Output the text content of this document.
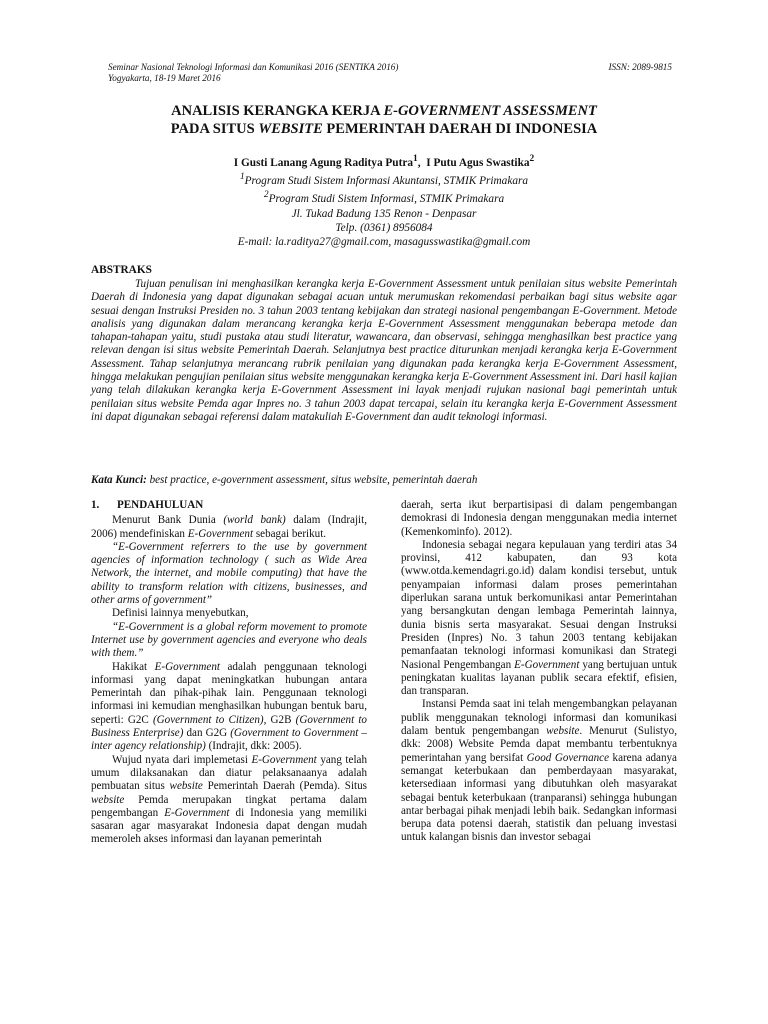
Seminar Nasional Teknologi Informasi dan Komunikasi 2016 (SENTIKA 2016)
Yogyakarta, 18-19 Maret 2016
ISSN: 2089-9815
ANALISIS KERANGKA KERJA E-GOVERNMENT ASSESSMENT
PADA SITUS WEBSITE PEMERINTAH DAERAH DI INDONESIA
I Gusti Lanang Agung Raditya Putra$^1$,  I Putu Agus Swastika$^2$
$^1$Program Studi Sistem Informasi Akuntansi, STMIK Primakara
$^2$Program Studi Sistem Informasi, STMIK Primakara
Jl. Tukad Badung 135 Renon - Denpasar
Telp. (0361) 8956084
E-mail: la.raditya27@gmail.com, masagusswastika@gmail.com
ABSTRAKS
Tujuan penulisan ini menghasilkan kerangka kerja E-Government Assessment untuk penilaian situs website Pemerintah Daerah di Indonesia yang dapat digunakan sebagai acuan untuk merumuskan rekomendasi perbaikan bagi situs website agar sesuai dengan Instruksi Presiden no. 3 tahun 2003 tentang kebijakan dan strategi nasional pengembangan E-Government. Metode analisis yang digunakan dalam merancang kerangka kerja E-Government Assessment menggunakan beberapa metode dan tahapan-tahapan yaitu, studi pustaka atau studi literatur, wawancara, dan observasi, sehingga menghasilkan best practice yang relevan dengan isi situs website Pemerintah Daerah. Selanjutnya best practice diturunkan menjadi kerangka kerja E-Government Assessment. Tahap selanjutnya merancang rubrik penilaian yang digunakan pada kerangka kerja E-Government Assessment, hingga melakukan pengujian penilaian situs website menggunakan kerangka kerja E-Government Assessment ini. Dari hasil kajian yang telah dilakukan kerangka kerja E-Government Assessment ini layak menjadi rujukan nasional bagi pemerintah untuk penilaian situs website Pemda agar Inpres no. 3 tahun 2003 dapat tercapai, selain itu kerangka kerja E-Government Assessment ini dapat digunakan sebagai referensi dalam matakuliah E-Government dan audit teknologi informasi.
Kata Kunci: best practice, e-government assessment, situs website, pemerintah daerah
1. PENDAHULUAN

Menurut Bank Dunia (world bank) dalam (Indrajit, 2006) mendefiniskan E-Government sebagai berikut.

“E-Government referrers to the use by government agencies of information technology ( such as Wide Area Network, the internet, and mobile computing) that have the ability to transform relation with citizens, businesses, and other arms of government”

Definisi lainnya menyebutkan,

“E-Government is a global reform movement to promote Internet use by government agencies and everyone who deals with them.”

Hakikat E-Government adalah penggunaan teknologi informasi yang dapat meningkatkan hubungan antara Pemerintah dan pihak-pihak lain. Penggunaan teknologi informasi ini kemudian menghasilkan hubungan bentuk baru, seperti: G2C (Government to Citizen), G2B (Government to Business Enterprise) dan G2G (Government to Government – inter agency relationship) (Indrajit, dkk: 2005).

Wujud nyata dari implemetasi E-Government yang telah umum dilaksanakan dan diatur pelaksanaanya adalah pembuatan situs website Pemerintah Daerah (Pemda). Situs website Pemda merupakan tingkat pertama dalam pengembangan E-Government di Indonesia yang memiliki sasaran agar masyarakat Indonesia dapat dengan mudah memeroleh akses informasi dan layanan pemerintah

daerah, serta ikut berpartisipasi di dalam pengembangan demokrasi di Indonesia dengan menggunakan media internet (Kemenkominfo). 2012).

Indonesia sebagai negara kepulauan yang terdiri atas 34 provinsi, 412 kabupaten, dan 93 kota (www.otda.kemendagri.go.id) dalam kondisi tersebut, untuk penyampaian informasi dalam proses pemerintahan diperlukan sarana untuk berkomunikasi antar Pemerintahan yang bersangkutan dengan lembaga Pemerintah lainnya, dunia bisnis serta masyarakat. Sesuai dengan Instruksi Presiden (Inpres) No. 3 tahun 2003 tentang kebijakan pemanfaatan teknologi informasi komunikasi dan Strategi Nasional Pengembangan E-Government yang bertujuan untuk peningkatan kualitas layanan publik secara efektif, efisien, dan transparan.

Instansi Pemda saat ini telah mengembangkan pelayanan publik menggunakan teknologi informasi dan komunikasi dalam bentuk pengembangan website. Menurut (Sulistyo, dkk: 2008) Website Pemda dapat membantu terbentuknya pemerintahan yang bersifat Good Governance karena adanya semangat keterbukaan dan pemberdayaan masyarakat, ketersediaan informasi yang dibutuhkan oleh masyarakat sebagai bentuk keterbukaan (tranparansi) sehingga hubungan antar berbagai pihak menjadi lebih baik. Sedangkan informasi berupa data potensi daerah, statistik dan peluang investasi untuk kalangan bisnis dan investor sebagai
